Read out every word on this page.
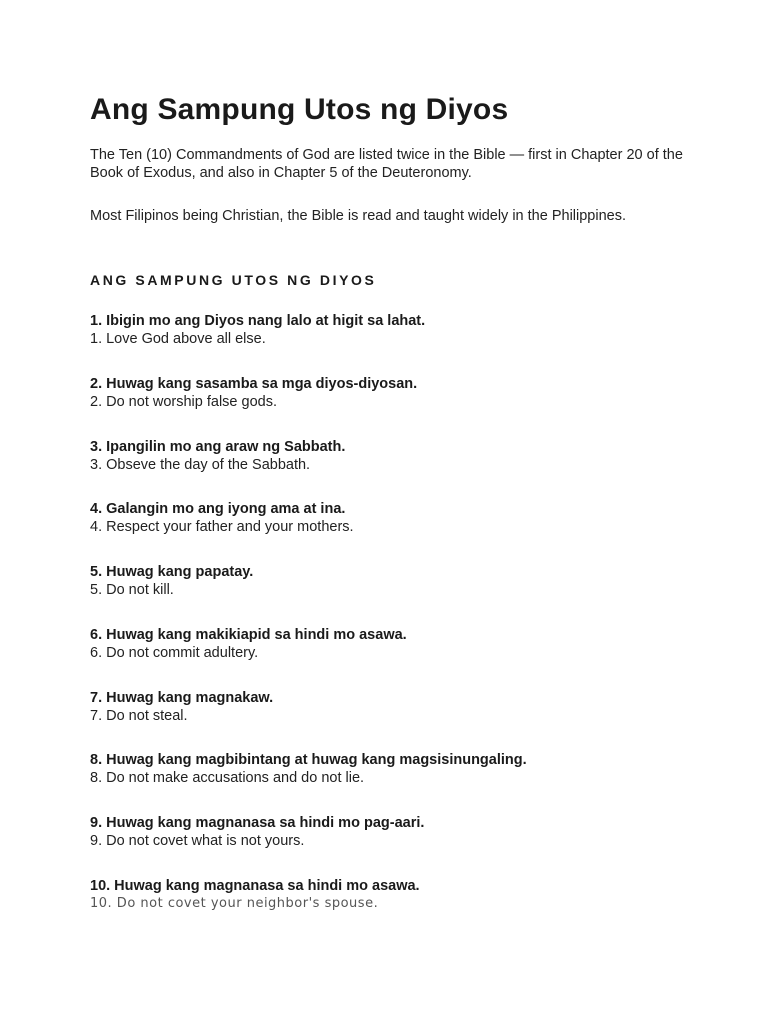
Ang Sampung Utos ng Diyos

The Ten (10) Commandments of God are listed twice in the Bible — first in Chapter 20 of the Book of Exodus, and also in Chapter 5 of the Deuteronomy.

Most Filipinos being Christian, the Bible is read and taught widely in the Philippines.

ANG SAMPUNG UTOS NG DIYOS
1. Ibigin mo ang Diyos nang lalo at higit sa lahat.
1. Love God above all else.
2. Huwag kang sasamba sa mga diyos-diyosan.
2. Do not worship false gods.
3. Ipangilin mo ang araw ng Sabbath.
3. Obseve the day of the Sabbath.
4. Galangin mo ang iyong ama at ina.
4. Respect your father and your mothers.
5. Huwag kang papatay.
5. Do not kill.
6. Huwag kang makikiapid sa hindi mo asawa.
6. Do not commit adultery.
7. Huwag kang magnakaw.
7. Do not steal.
8. Huwag kang magbibintang at huwag kang magsisinungaling.
8. Do not make accusations and do not lie.
9. Huwag kang magnanasa sa hindi mo pag-aari.
9. Do not covet what is not yours.
10. Huwag kang magnanasa sa hindi mo asawa.
10. Do not covet your neighbor's spouse.
